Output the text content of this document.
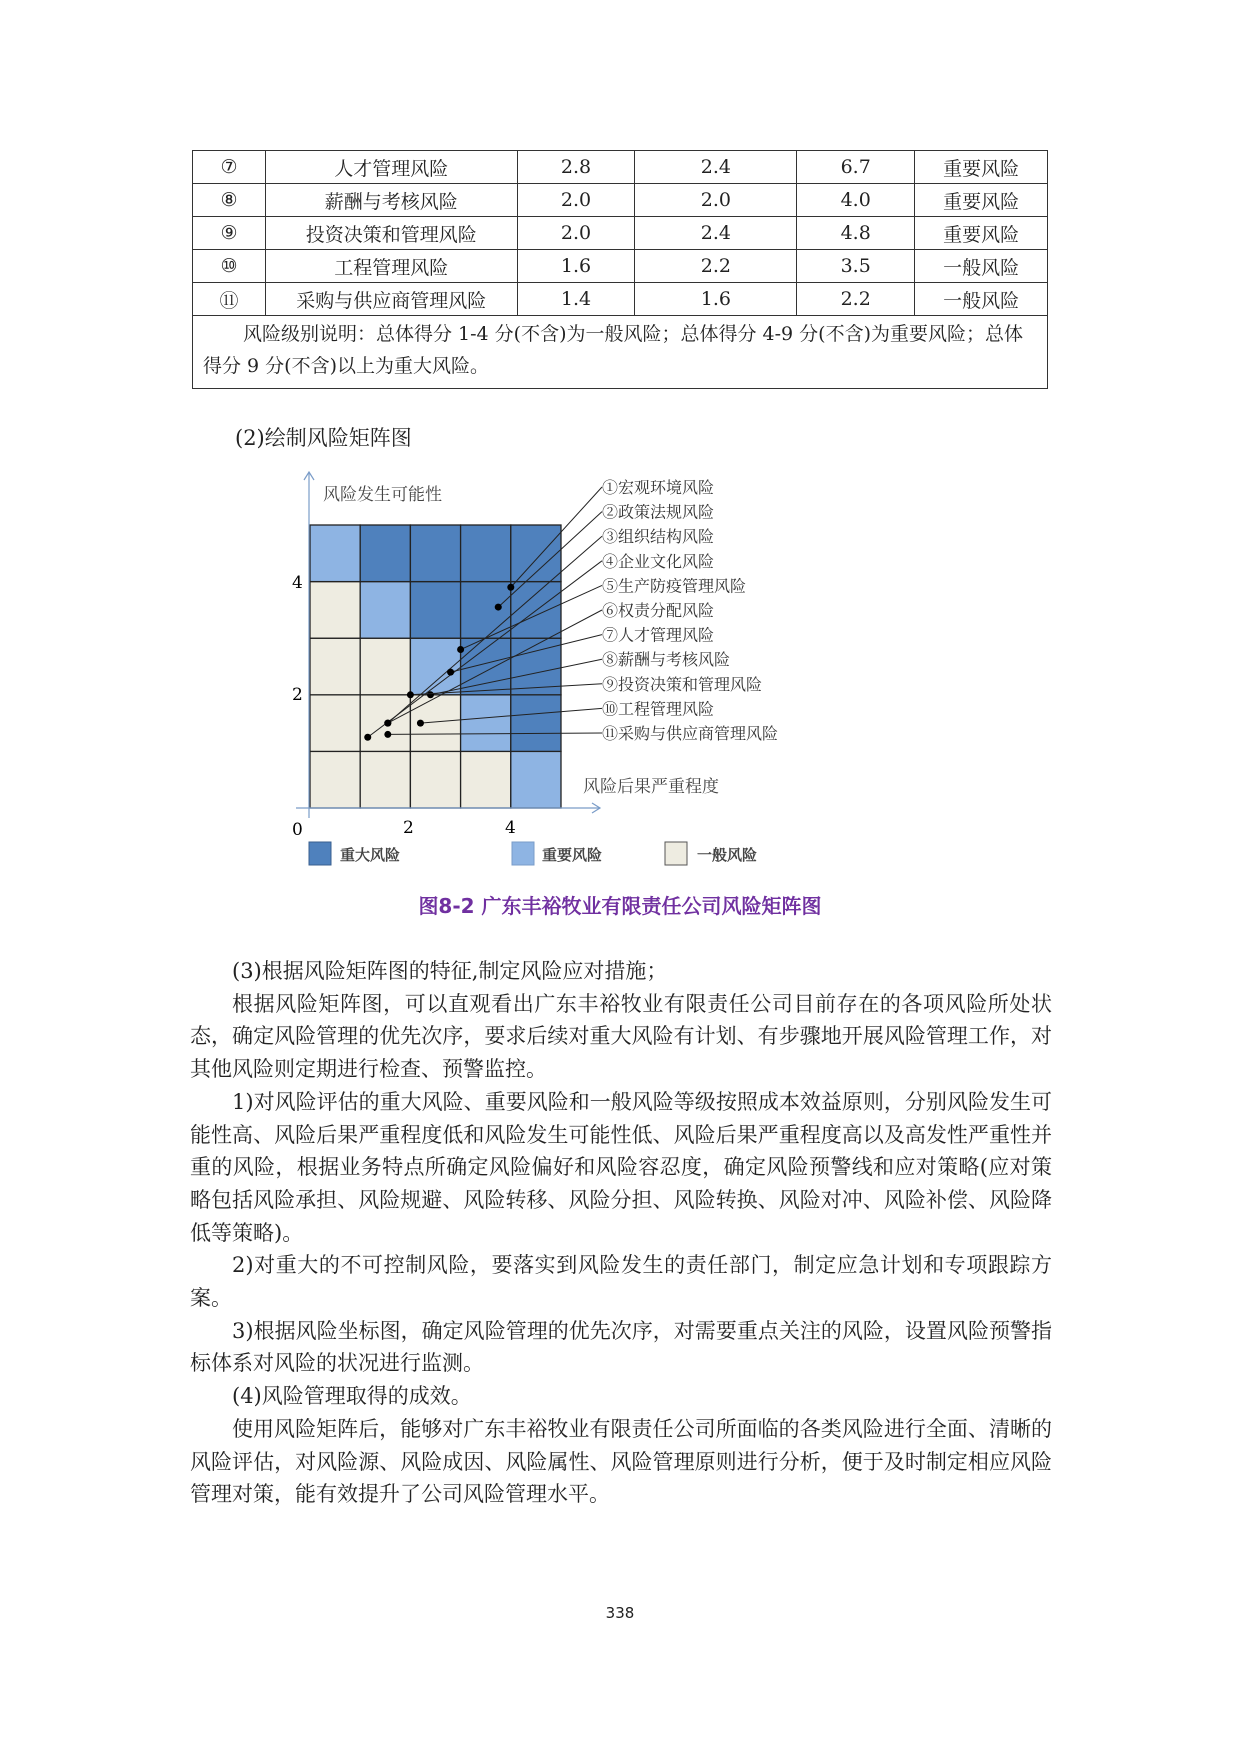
⑦	人才管理风险	2.8	2.4	6.7	重要风险
⑧	薪酬与考核风险	2.0	2.0	4.0	重要风险
⑨	投资决策和管理风险	2.0	2.4	4.8	重要风险
⑩	工程管理风险	1.6	2.2	3.5	一般风险
⑪	采购与供应商管理风险	1.4	1.6	2.2	一般风险
风险级别说明：总体得分 1-4 分(不含)为一般风险；总体得分 4-9 分(不含)为重要风险；总体得分 9 分(不含)以上为重大风险。					
(2)绘制风险矩阵图
风险发生可能性
风险后果严重程度
0	2	4
2
4
①宏观环境风险
②政策法规风险
③组织结构风险
④企业文化风险
⑤生产防疫管理风险
⑥权责分配风险
⑦人才管理风险
⑧薪酬与考核风险
⑨投资决策和管理风险
⑩工程管理风险
⑪采购与供应商管理风险
重大风险	重要风险	一般风险
图8-2 广东丰裕牧业有限责任公司风险矩阵图

(3)根据风险矩阵图的特征,制定风险应对措施；

根据风险矩阵图，可以直观看出广东丰裕牧业有限责任公司目前存在的各项风险所处状态，确定风险管理的优先次序，要求后续对重大风险有计划、有步骤地开展风险管理工作，对其他风险则定期进行检查、预警监控。

1)对风险评估的重大风险、重要风险和一般风险等级按照成本效益原则，分别风险发生可能性高、风险后果严重程度低和风险发生可能性低、风险后果严重程度高以及高发性严重性并重的风险，根据业务特点所确定风险偏好和风险容忍度，确定风险预警线和应对策略(应对策略包括风险承担、风险规避、风险转移、风险分担、风险转换、风险对冲、风险补偿、风险降低等策略)。

2)对重大的不可控制风险，要落实到风险发生的责任部门，制定应急计划和专项跟踪方案。

3)根据风险坐标图，确定风险管理的优先次序，对需要重点关注的风险，设置风险预警指标体系对风险的状况进行监测。

(4)风险管理取得的成效。

使用风险矩阵后，能够对广东丰裕牧业有限责任公司所面临的各类风险进行全面、清晰的风险评估，对风险源、风险成因、风险属性、风险管理原则进行分析，便于及时制定相应风险管理对策，能有效提升了公司风险管理水平。

338
